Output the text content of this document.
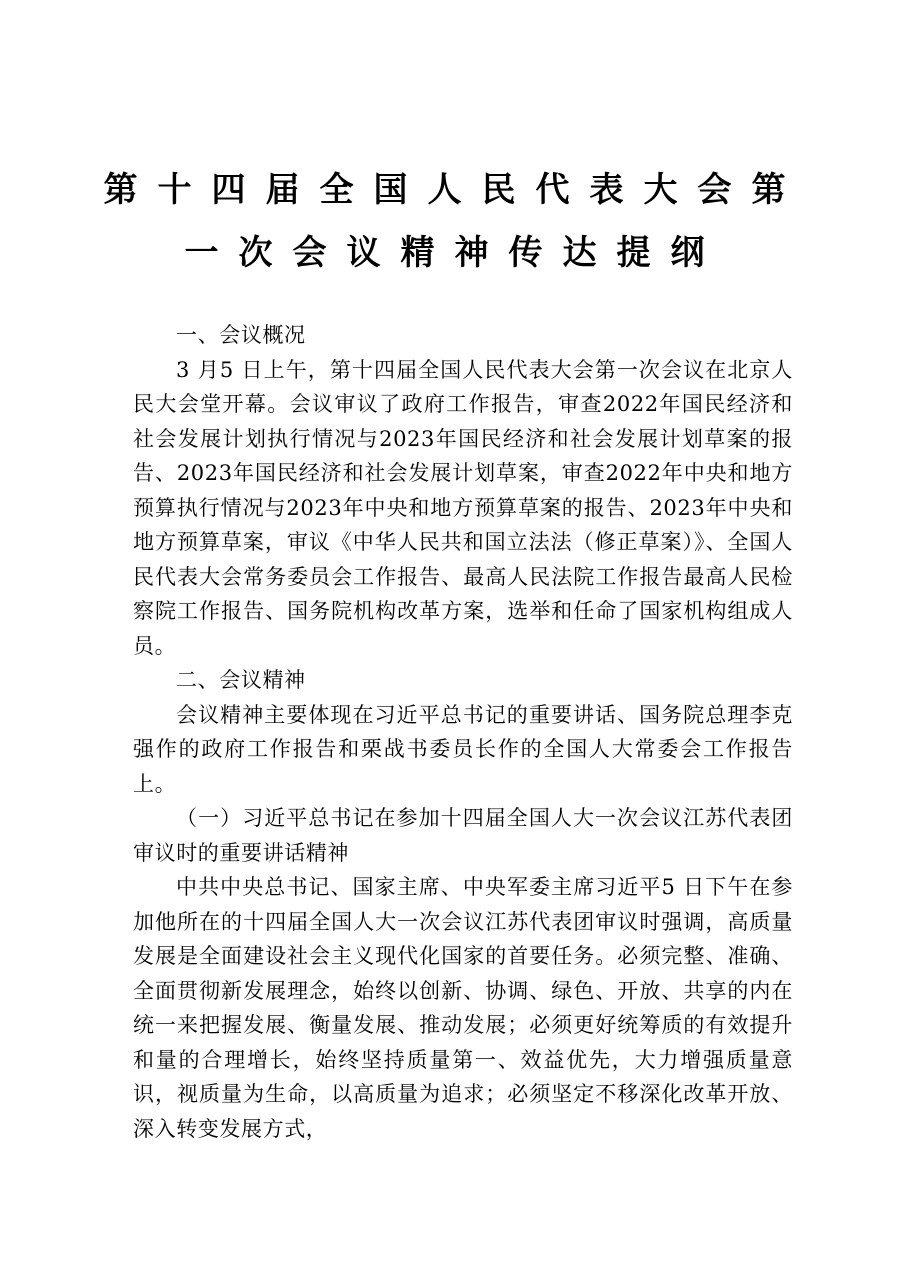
第十四届全国人民代表大会第
一次会议精神传达提纲

一、会议概况

3 月5 日上午，第十四届全国人民代表大会第一次会议在北京人民大会堂开幕。会议审议了政府工作报告，审查2022年国民经济和社会发展计划执行情况与2023年国民经济和社会发展计划草案的报告、2023年国民经济和社会发展计划草案，审查2022年中央和地方预算执行情况与2023年中央和地方预算草案的报告、2023年中央和地方预算草案，审议《中华人民共和国立法法（修正草案）》、全国人民代表大会常务委员会工作报告、最高人民法院工作报告最高人民检察院工作报告、国务院机构改革方案，选举和任命了国家机构组成人员。

二、会议精神

会议精神主要体现在习近平总书记的重要讲话、国务院总理李克强作的政府工作报告和栗战书委员长作的全国人大常委会工作报告上。

（一）习近平总书记在参加十四届全国人大一次会议江苏代表团审议时的重要讲话精神

中共中央总书记、国家主席、中央军委主席习近平5 日下午在参加他所在的十四届全国人大一次会议江苏代表团审议时强调，高质量发展是全面建设社会主义现代化国家的首要任务。必须完整、准确、全面贯彻新发展理念，始终以创新、协调、绿色、开放、共享的内在统一来把握发展、衡量发展、推动发展；必须更好统筹质的有效提升和量的合理增长，始终坚持质量第一、效益优先，大力增强质量意识，视质量为生命，以高质量为追求；必须坚定不移深化改革开放、深入转变发展方式，
